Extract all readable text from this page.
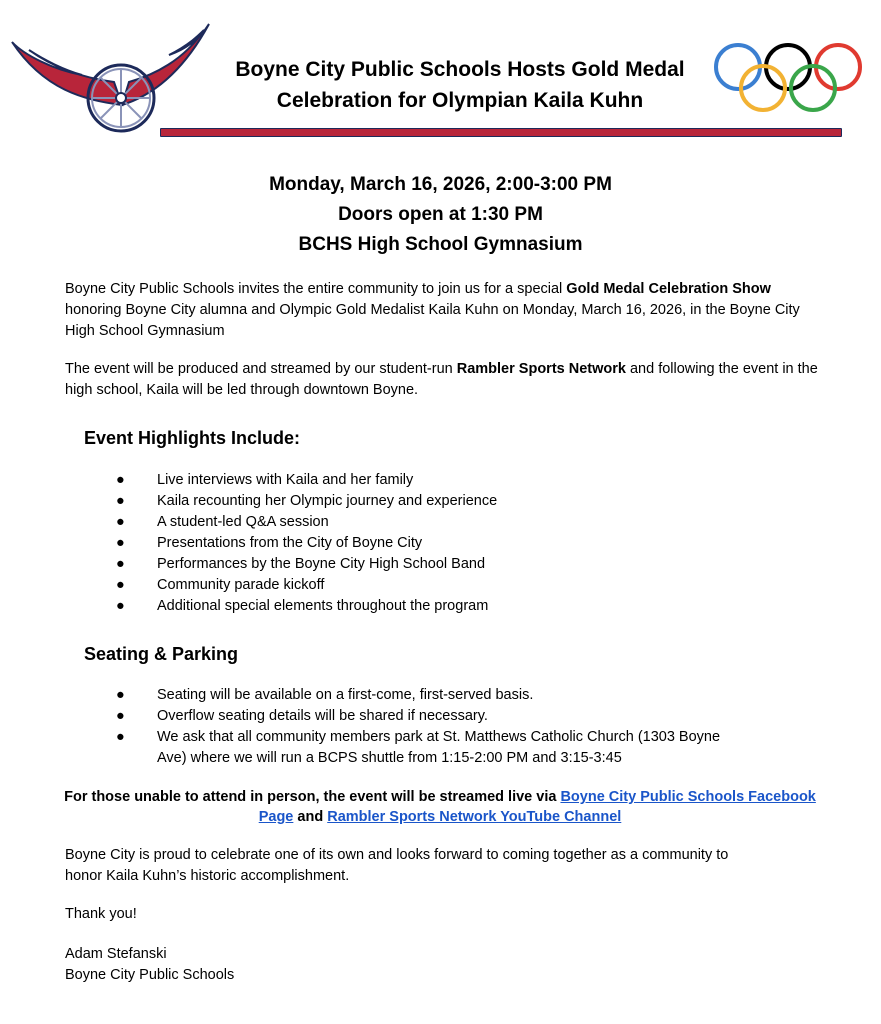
Boyne City Public Schools Hosts Gold Medal
Celebration for Olympian Kaila Kuhn
Monday, March 16, 2026, 2:00-3:00 PM
Doors open at 1:30 PM
BCHS High School Gymnasium
Boyne City Public Schools invites the entire community to join us for a special Gold Medal Celebration Show honoring Boyne City alumna and Olympic Gold Medalist Kaila Kuhn on Monday, March 16, 2026, in the Boyne City High School Gymnasium
The event will be produced and streamed by our student-run Rambler Sports Network and following the event in the high school, Kaila will be led through downtown Boyne.
Event Highlights Include:
● Live interviews with Kaila and her family
● Kaila recounting her Olympic journey and experience
● A student-led Q&A session
● Presentations from the City of Boyne City
● Performances by the Boyne City High School Band
● Community parade kickoff
● Additional special elements throughout the program
Seating & Parking
● Seating will be available on a first-come, first-served basis.
● Overflow seating details will be shared if necessary.
● We ask that all community members park at St. Matthews Catholic Church (1303 Boyne Ave) where we will run a BCPS shuttle from 1:15-2:00 PM and 3:15-3:45
For those unable to attend in person, the event will be streamed live via Boyne City Public Schools Facebook Page and Rambler Sports Network YouTube Channel
Boyne City is proud to celebrate one of its own and looks forward to coming together as a community to honor Kaila Kuhn’s historic accomplishment.
Thank you!
Adam Stefanski
Boyne City Public Schools
